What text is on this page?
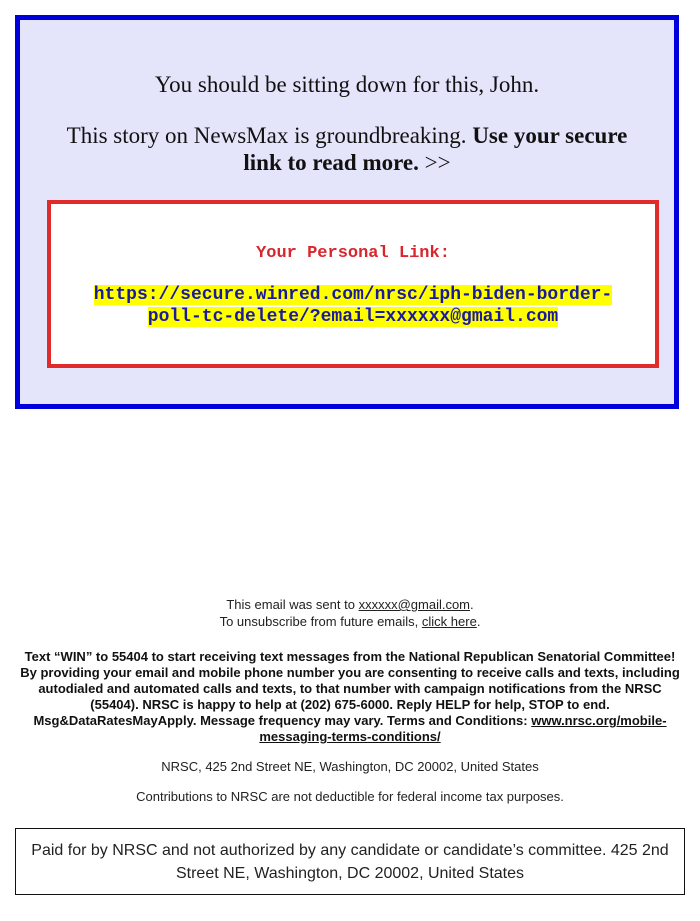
You should be sitting down for this, John.
This story on NewsMax is groundbreaking. Use your secure link to read more. >>
Your Personal Link:
https://secure.winred.com/nrsc/iph-biden-border-poll-tc-delete/?email=xxxxxx@gmail.com

This email was sent to xxxxxx@gmail.com.

To unsubscribe from future emails, click here.

Text “WIN” to 55404 to start receiving text messages from the National Republican Senatorial Committee! By providing your email and mobile phone number you are consenting to receive calls and texts, including autodialed and automated calls and texts, to that number with campaign notifications from the NRSC (55404). NRSC is happy to help at (202) 675-6000. Reply HELP for help, STOP to end. Msg&DataRatesMayApply. Message frequency may vary. Terms and Conditions: www.nrsc.org/mobile-messaging-terms-conditions/
NRSC, 425 2nd Street NE, Washington, DC 20002, United States
Contributions to NRSC are not deductible for federal income tax purposes.
Paid for by NRSC and not authorized by any candidate or candidate’s committee. 425 2nd Street NE, Washington, DC 20002, United States
